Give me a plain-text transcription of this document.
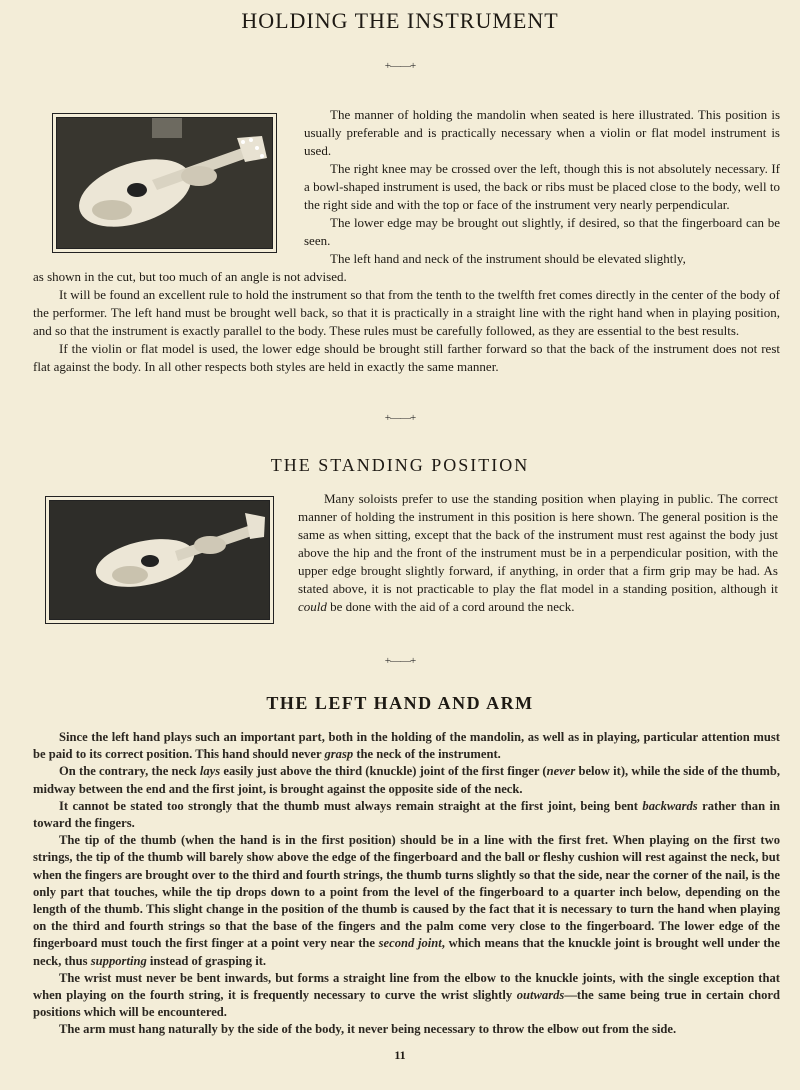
HOLDING THE INSTRUMENT
+——+

The manner of holding the mandolin when seated is here illustrated. This position is usually preferable and is practically necessary when a violin or flat model instrument is used.

The right knee may be crossed over the left, though this is not absolutely necessary. If a bowl-shaped instrument is used, the back or ribs must be placed close to the body, well to the right side and with the top or face of the instrument very nearly perpendicular.

The lower edge may be brought out slightly, if desired, so that the fingerboard can be seen.

The left hand and neck of the instrument should be elevated slightly,

as shown in the cut, but too much of an angle is not advised.

It will be found an excellent rule to hold the instrument so that from the tenth to the twelfth fret comes directly in the center of the body of the performer. The left hand must be brought well back, so that it is practically in a straight line with the right hand when in playing position, and so that the instrument is exactly parallel to the body. These rules must be carefully followed, as they are essential to the best results.

If the violin or flat model is used, the lower edge should be brought still farther forward so that the back of the instrument does not rest flat against the body. In all other respects both styles are held in exactly the same manner.

+——+
THE STANDING POSITION

Many soloists prefer to use the standing position when playing in public. The correct manner of holding the instrument in this position is here shown. The general position is the same as when sitting, except that the back of the instrument must rest against the body just above the hip and the front of the instrument must be in a perpendicular position, with the upper edge brought slightly forward, if anything, in order that a firm grip may be had. As stated above, it is not practicable to play the flat model in a standing position, although it could be done with the aid of a cord around the neck.

+——+
THE LEFT HAND AND ARM

Since the left hand plays such an important part, both in the holding of the mandolin, as well as in playing, particular attention must be paid to its correct position. This hand should never grasp the neck of the instrument.

On the contrary, the neck lays easily just above the third (knuckle) joint of the first finger (never below it), while the side of the thumb, midway between the end and the first joint, is brought against the opposite side of the neck.

It cannot be stated too strongly that the thumb must always remain straight at the first joint, being bent backwards rather than in toward the fingers.

The tip of the thumb (when the hand is in the first position) should be in a line with the first fret. When playing on the first two strings, the tip of the thumb will barely show above the edge of the fingerboard and the ball or fleshy cushion will rest against the neck, but when the fingers are brought over to the third and fourth strings, the thumb turns slightly so that the side, near the corner of the nail, is the only part that touches, while the tip drops down to a point from the level of the fingerboard to a quarter inch below, depending on the length of the thumb. This slight change in the position of the thumb is caused by the fact that it is necessary to turn the hand when playing on the third and fourth strings so that the base of the fingers and the palm come very close to the fingerboard. The lower edge of the fingerboard must touch the first finger at a point very near the second joint, which means that the knuckle joint is brought well under the neck, thus supporting instead of grasping it.

The wrist must never be bent inwards, but forms a straight line from the elbow to the knuckle joints, with the single exception that when playing on the fourth string, it is frequently necessary to curve the wrist slightly outwards—the same being true in certain chord positions which will be encountered.

The arm must hang naturally by the side of the body, it never being necessary to throw the elbow out from the side.

11
